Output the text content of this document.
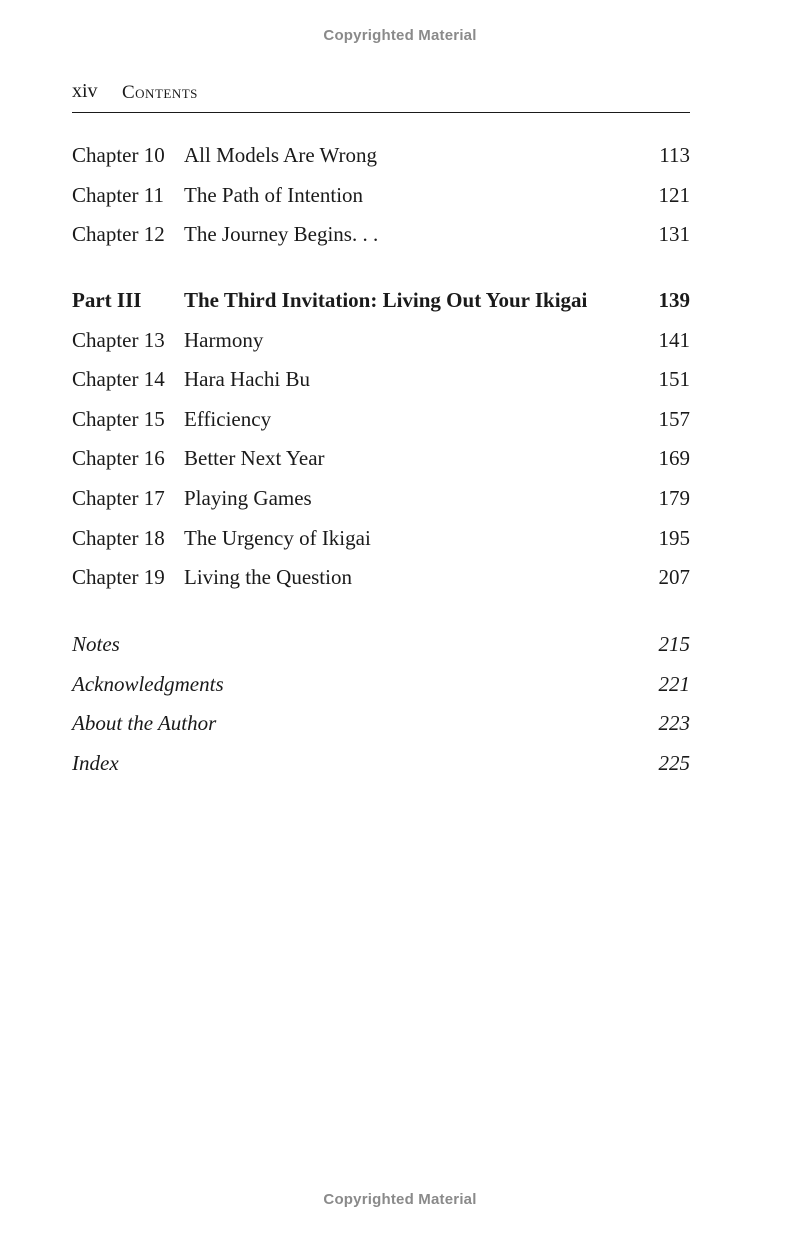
Copyrighted Material
xiv Contents
Chapter 10 All Models Are Wrong	113
Chapter 11 The Path of Intention	121
Chapter 12 The Journey Begins. . .	131
Part III The Third Invitation: Living Out Your Ikigai	139
Chapter 13 Harmony	141
Chapter 14 Hara Hachi Bu	151
Chapter 15 Efficiency	157
Chapter 16 Better Next Year	169
Chapter 17 Playing Games	179
Chapter 18 The Urgency of Ikigai	195
Chapter 19 Living the Question	207
Notes	215
Acknowledgments	221
About the Author	223
Index	225
Copyrighted Material
